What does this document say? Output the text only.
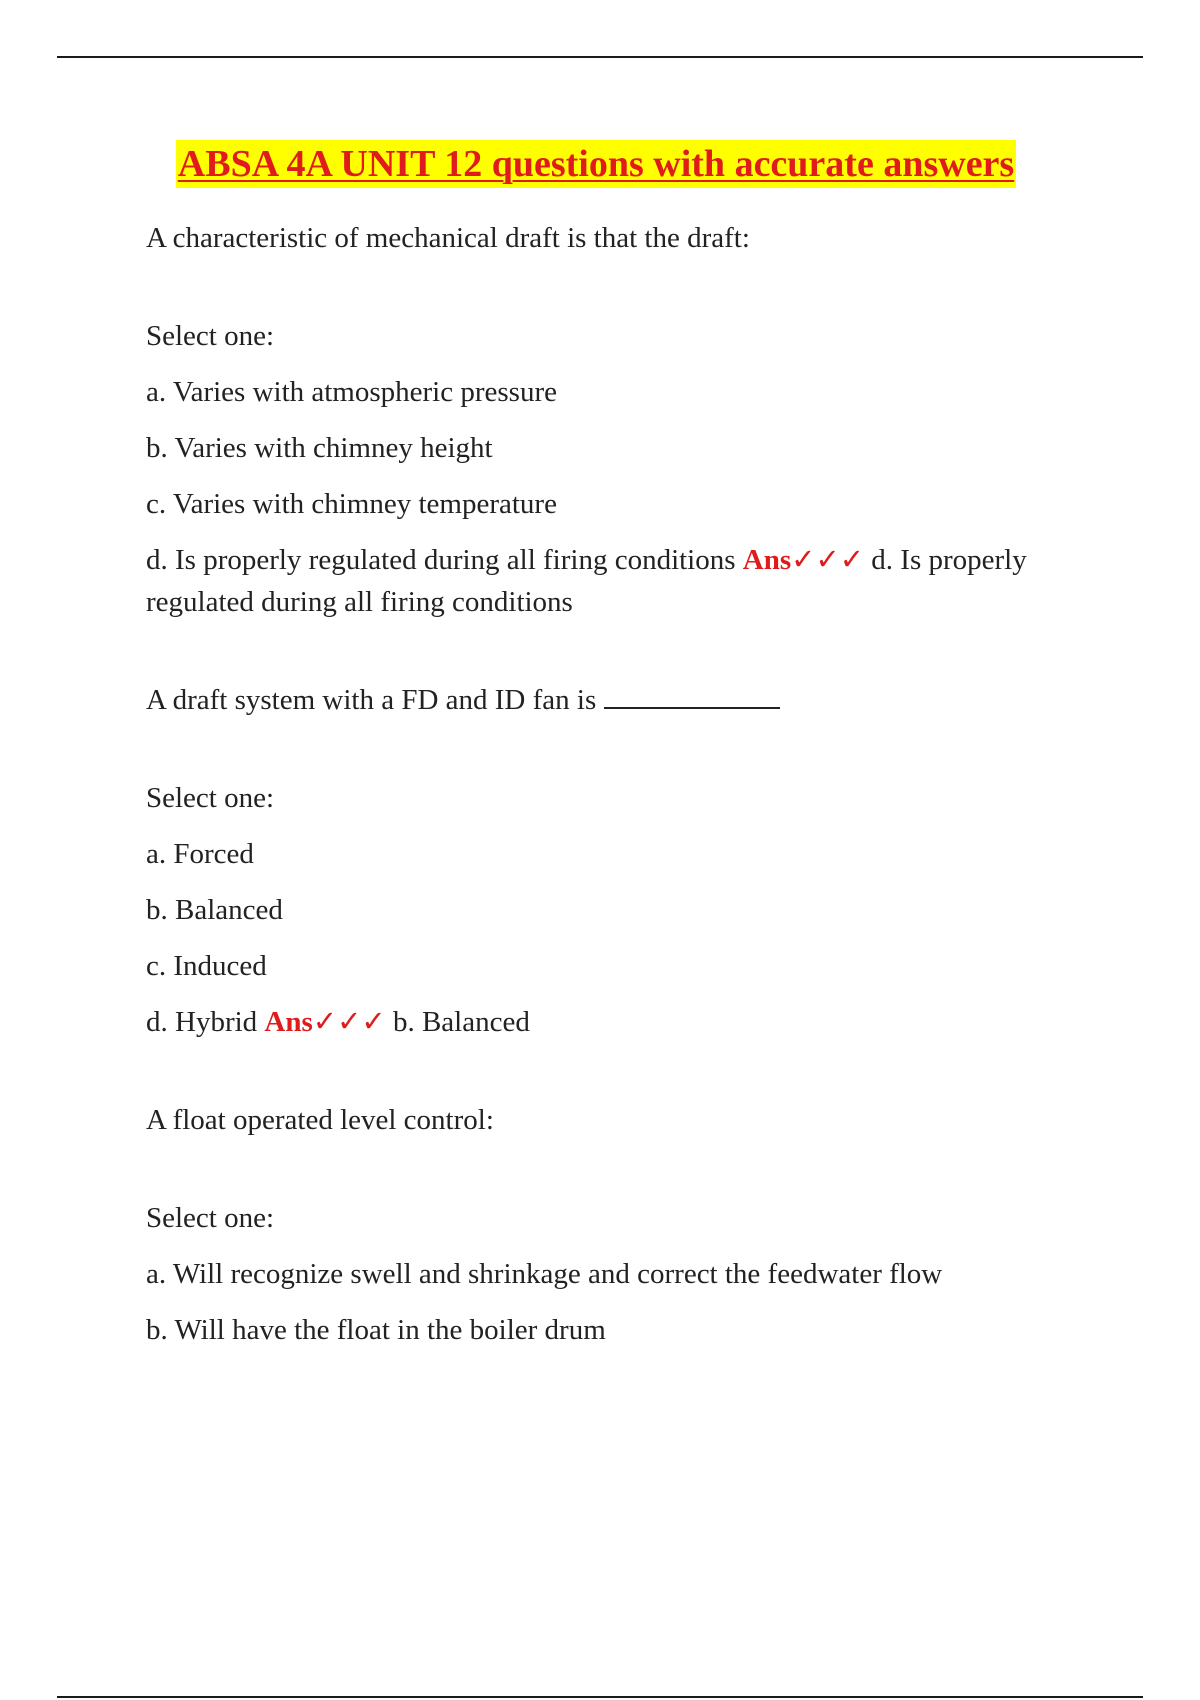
ABSA 4A UNIT 12 questions with accurate answers

A characteristic of mechanical draft is that the draft:

Select one:

a. Varies with atmospheric pressure

b. Varies with chimney height

c. Varies with chimney temperature

d. Is properly regulated during all firing conditions Ans✓✓✓ d. Is properly regulated during all firing conditions

A draft system with a FD and ID fan is

Select one:

a. Forced

b. Balanced

c. Induced

d. Hybrid Ans✓✓✓ b. Balanced

A float operated level control:

Select one:

a. Will recognize swell and shrinkage and correct the feedwater flow

b. Will have the float in the boiler drum
